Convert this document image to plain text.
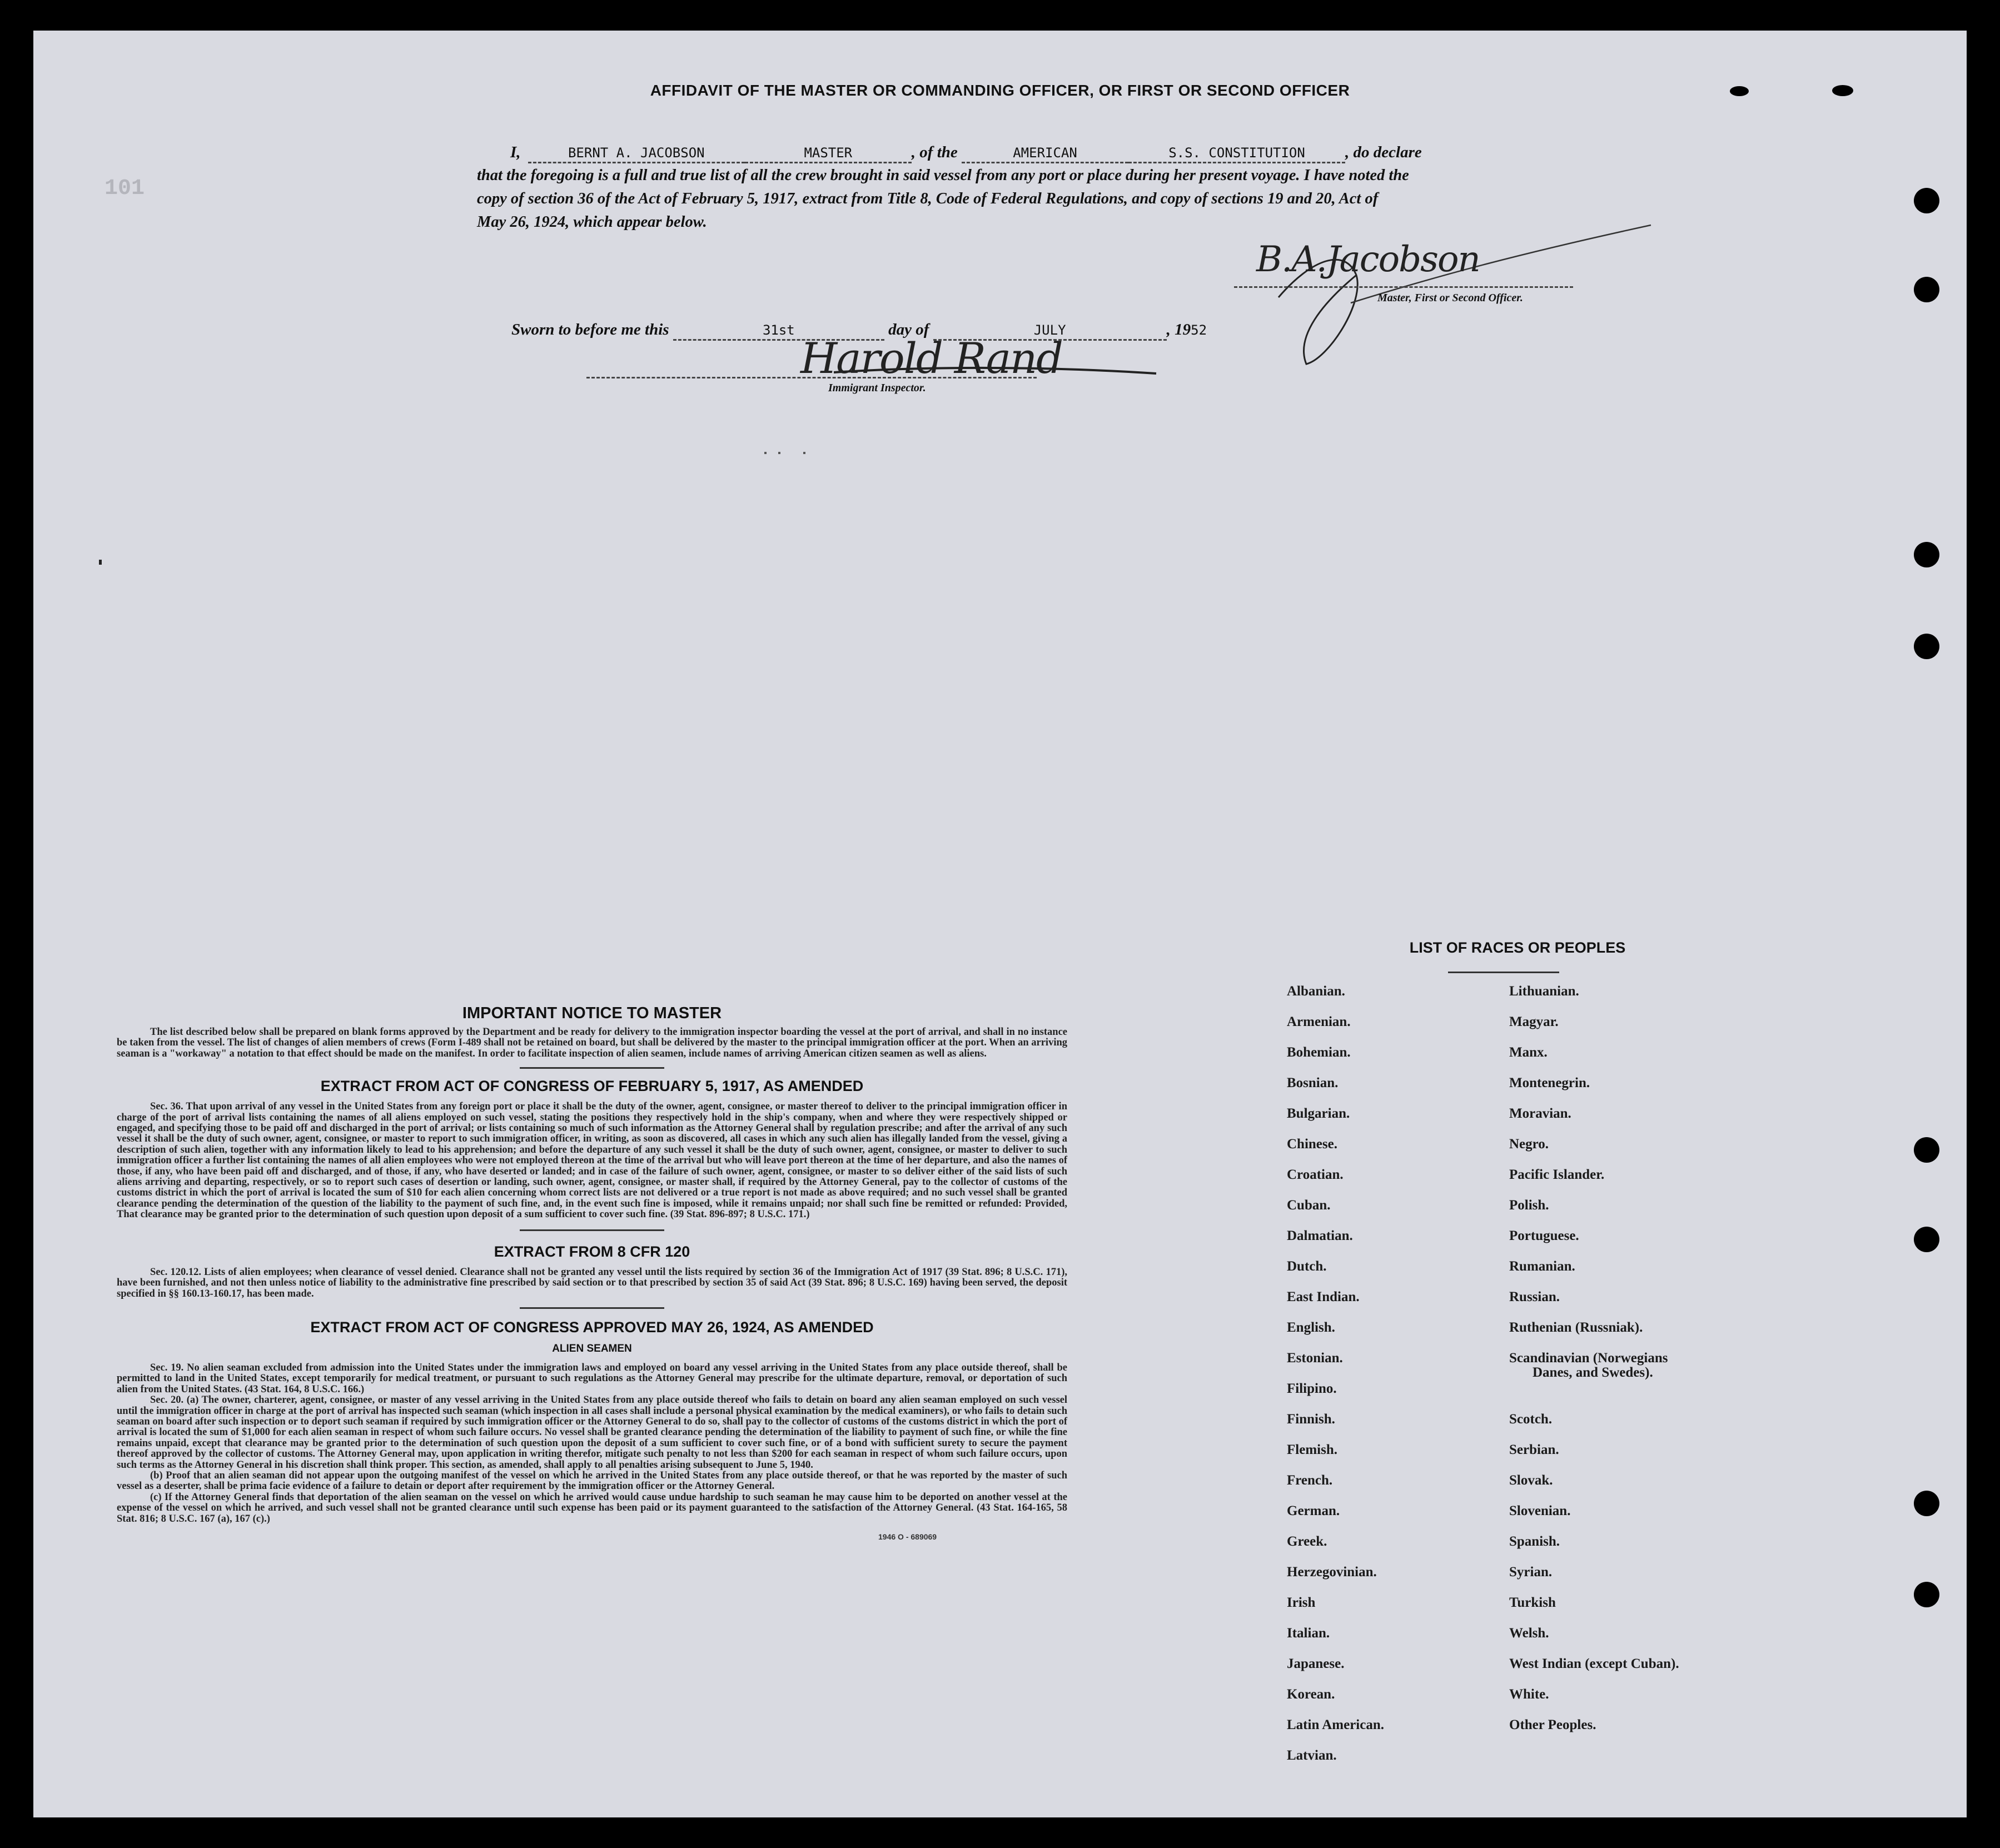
AFFIDAVIT OF THE MASTER OR COMMANDING OFFICER, OR FIRST OR SECOND OFFICER
101
I,	BERNT A. JACOBSON	MASTER	, of the	AMERICAN	S.S. CONSTITUTION , do declare
that the foregoing is a full and true list of all the crew brought in said vessel from any port or place during her present voyage. I have noted the
copy of section 36 of the Act of February 5, 1917, extract from Title 8, Code of Federal Regulations, and copy of sections 19 and 20, Act of
May 26, 1924, which appear below.
B.A.Jacobson
Master, First or Second Officer.
Sworn to before me this	31st	day of	JULY	, 1952
Harold Rand
Immigrant Inspector.
IMPORTANT NOTICE TO MASTER
The list described below shall be prepared on blank forms approved by the Department and be ready for delivery to the immigration inspector boarding the vessel at the port of arrival, and shall in no instance be taken from the vessel. The list of changes of alien members of crews (Form I-489 shall not be retained on board, but shall be delivered by the master to the principal immigration officer at the port. When an arriving seaman is a "workaway" a notation to that effect should be made on the manifest. In order to facilitate inspection of alien seamen, include names of arriving American citizen seamen as well as aliens.
EXTRACT FROM ACT OF CONGRESS OF FEBRUARY 5, 1917, AS AMENDED
Sec. 36. That upon arrival of any vessel in the United States from any foreign port or place it shall be the duty of the owner, agent, consignee, or master thereof to deliver to the principal immigration officer in charge of the port of arrival lists containing the names of all aliens employed on such vessel, stating the positions they respectively hold in the ship's company, when and where they were respectively shipped or engaged, and specifying those to be paid off and discharged in the port of arrival; or lists containing so much of such information as the Attorney General shall by regulation prescribe; and after the arrival of any such vessel it shall be the duty of such owner, agent, consignee, or master to report to such immigration officer, in writing, as soon as discovered, all cases in which any such alien has illegally landed from the vessel, giving a description of such alien, together with any information likely to lead to his apprehension; and before the departure of any such vessel it shall be the duty of such owner, agent, consignee, or master to deliver to such immigration officer a further list containing the names of all alien employees who were not employed thereon at the time of the arrival but who will leave port thereon at the time of her departure, and also the names of those, if any, who have been paid off and discharged, and of those, if any, who have deserted or landed; and in case of the failure of such owner, agent, consignee, or master to so deliver either of the said lists of such aliens arriving and departing, respectively, or so to report such cases of desertion or landing, such owner, agent, consignee, or master shall, if required by the Attorney General, pay to the collector of customs of the customs district in which the port of arrival is located the sum of $10 for each alien concerning whom correct lists are not delivered or a true report is not made as above required; and no such vessel shall be granted clearance pending the determination of the question of the liability to the payment of such fine, and, in the event such fine is imposed, while it remains unpaid; nor shall such fine be remitted or refunded: Provided, That clearance may be granted prior to the determination of such question upon deposit of a sum sufficient to cover such fine. (39 Stat. 896-897; 8 U.S.C. 171.)
EXTRACT FROM 8 CFR 120
Sec. 120.12. Lists of alien employees; when clearance of vessel denied. Clearance shall not be granted any vessel until the lists required by section 36 of the Immigration Act of 1917 (39 Stat. 896; 8 U.S.C. 171), have been furnished, and not then unless notice of liability to the administrative fine prescribed by said section or to that prescribed by section 35 of said Act (39 Stat. 896; 8 U.S.C. 169) having been served, the deposit specified in §§ 160.13-160.17, has been made.
EXTRACT FROM ACT OF CONGRESS APPROVED MAY 26, 1924, AS AMENDED
ALIEN SEAMEN
Sec. 19. No alien seaman excluded from admission into the United States under the immigration laws and employed on board any vessel arriving in the United States from any place outside thereof, shall be permitted to land in the United States, except temporarily for medical treatment, or pursuant to such regulations as the Attorney General may prescribe for the ultimate departure, removal, or deportation of such alien from the United States. (43 Stat. 164, 8 U.S.C. 166.)
Sec. 20. (a) The owner, charterer, agent, consignee, or master of any vessel arriving in the United States from any place outside thereof who fails to detain on board any alien seaman employed on such vessel until the immigration officer in charge at the port of arrival has inspected such seaman (which inspection in all cases shall include a personal physical examination by the medical examiners), or who fails to detain such seaman on board after such inspection or to deport such seaman if required by such immigration officer or the Attorney General to do so, shall pay to the collector of customs of the customs district in which the port of arrival is located the sum of $1,000 for each alien seaman in respect of whom such failure occurs. No vessel shall be granted clearance pending the determination of the liability to payment of such fine, or while the fine remains unpaid, except that clearance may be granted prior to the determination of such question upon the deposit of a sum sufficient to cover such fine, or of a bond with sufficient surety to secure the payment thereof approved by the collector of customs. The Attorney General may, upon application in writing therefor, mitigate such penalty to not less than $200 for each seaman in respect of whom such failure occurs, upon such terms as the Attorney General in his discretion shall think proper. This section, as amended, shall apply to all penalties arising subsequent to June 5, 1940.
(b) Proof that an alien seaman did not appear upon the outgoing manifest of the vessel on which he arrived in the United States from any place outside thereof, or that he was reported by the master of such vessel as a deserter, shall be prima facie evidence of a failure to detain or deport after requirement by the immigration officer or the Attorney General.
(c) If the Attorney General finds that deportation of the alien seaman on the vessel on which he arrived would cause undue hardship to such seaman he may cause him to be deported on another vessel at the expense of the vessel on which he arrived, and such vessel shall not be granted clearance until such expense has been paid or its payment guaranteed to the satisfaction of the Attorney General. (43 Stat. 164-165, 58 Stat. 816; 8 U.S.C. 167 (a), 167 (c).)
1946 O - 689069
LIST OF RACES OR PEOPLES
Albanian.
Armenian.
Bohemian.
Bosnian.
Bulgarian.
Chinese.
Croatian.
Cuban.
Dalmatian.
Dutch.
East Indian.
English.
Estonian.
Filipino.
Finnish.
Flemish.
French.
German.
Greek.
Herzegovinian.
Irish
Italian.
Japanese.
Korean.
Latin American.
Latvian.
Lithuanian.
Magyar.
Manx.
Montenegrin.
Moravian.
Negro.
Pacific Islander.
Polish.
Portuguese.
Rumanian.
Russian.
Ruthenian (Russniak).
Scandinavian (Norwegians
Danes, and Swedes).
Scotch.
Serbian.
Slovak.
Slovenian.
Spanish.
Syrian.
Turkish
Welsh.
West Indian (except Cuban).
White.
Other Peoples.
